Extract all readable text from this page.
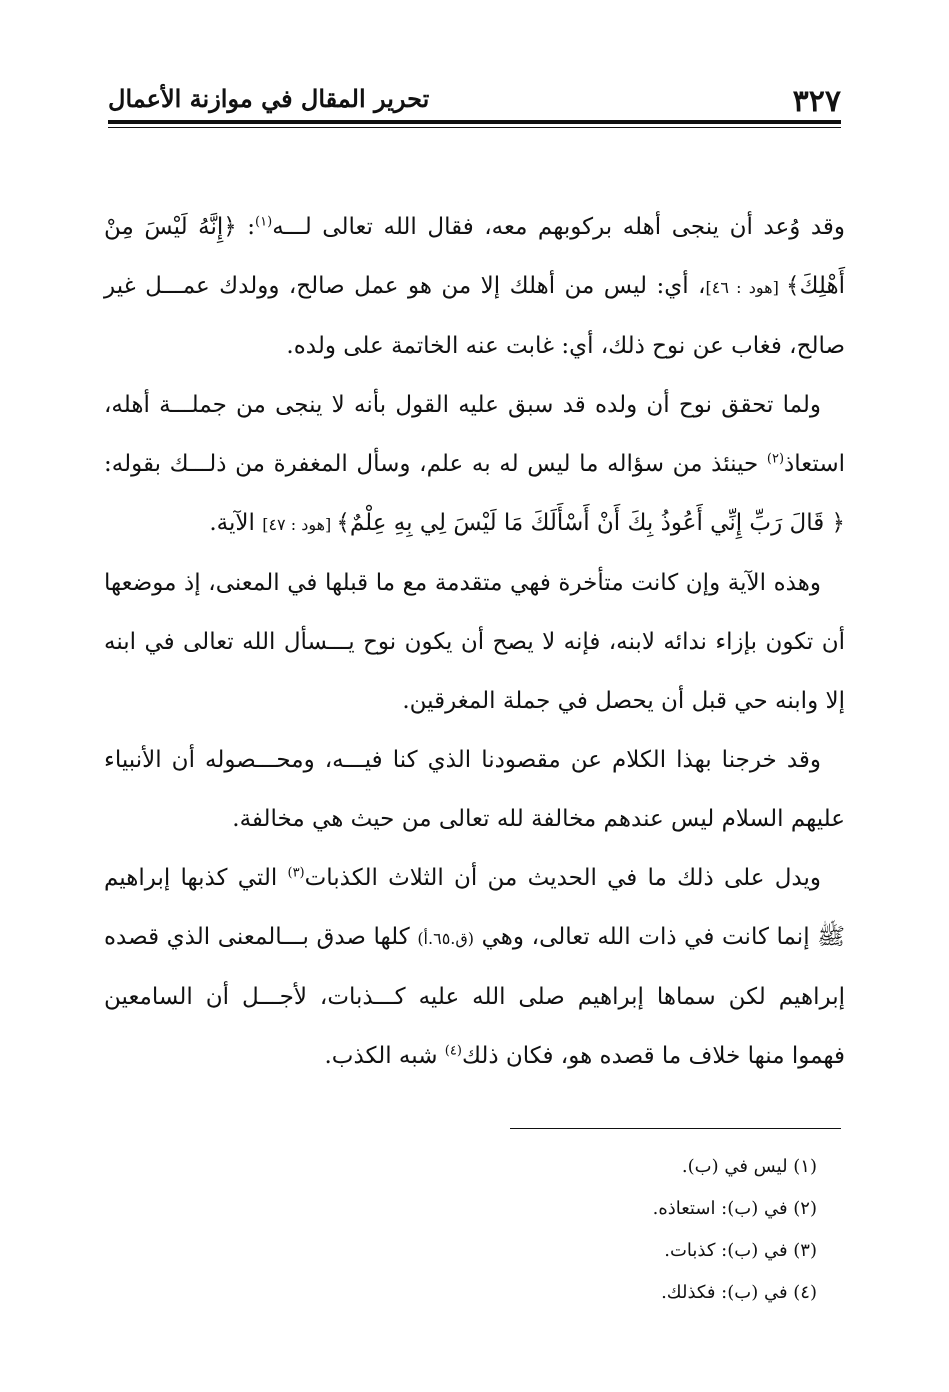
٣٢٧
تحرير المقال في موازنة الأعمال

وقد وُعد أن ينجى أهله بركوبهم معه، فقال الله تعالى لـــه$^{(١)}$: ﴿إِنَّهُ لَيْسَ مِنْ أَهْلِكَ﴾ [هود : ٤٦]، أي: ليس من أهلك إلا من هو عمل صالح، وولدك عمـــل غير صالح، فغاب عن نوح ذلك، أي: غابت عنه الخاتمة على ولده.

ولما تحقق نوح أن ولده قد سبق عليه القول بأنه لا ينجى من جملـــة أهله، استعاذ$^{(٢)}$ حينئذ من سؤاله ما ليس له به علم، وسأل المغفرة من ذلـــك بقوله: ﴿ قَالَ رَبِّ إِنِّي أَعُوذُ بِكَ أَنْ أَسْأَلَكَ مَا لَيْسَ لِي بِهِ عِلْمٌ﴾ [هود : ٤٧] الآية.

وهذه الآية وإن كانت متأخرة فهي متقدمة مع ما قبلها في المعنى، إذ موضعها أن تكون بإزاء ندائه لابنه، فإنه لا يصح أن يكون نوح يـــسأل الله تعالى في ابنه إلا وابنه حي قبل أن يحصل في جملة المغرقين.

وقد خرجنا بهذا الكلام عن مقصودنا الذي كنا فيـــه، ومحـــصوله أن الأنبياء عليهم السلام ليس عندهم مخالفة لله تعالى من حيث هي مخالفة.

ويدل على ذلك ما في الحديث من أن الثلاث الكذبات$^{(٣)}$ التي كذبها إبراهيم ﷺ إنما كانت في ذات الله تعالى، وهي (ق.٦٥.أ) كلها صدق بـــالمعنى الذي قصده إبراهيم لكن سماها إبراهيم صلى الله عليه كـــذبات، لأجـــل أن السامعين فهموا منها خلاف ما قصده هو، فكان ذلك$^{(٤)}$ شبه الكذب.

(١) ليس في (ب).

(٢) في (ب): استعاذه.

(٣) في (ب): كذبات.

(٤) في (ب): فكذلك.
